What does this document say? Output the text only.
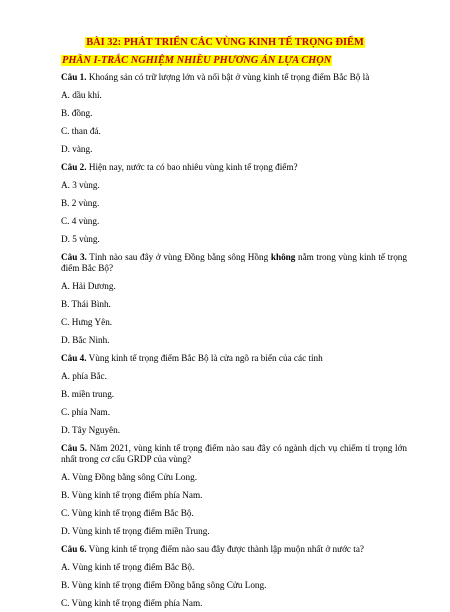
BÀI 32: PHÁT TRIỂN CÁC VÙNG KINH TẾ TRỌNG ĐIỂM
PHẦN I-TRẮC NGHIỆM NHIỀU PHƯƠNG ÁN LỰA CHỌN

Câu 1. Khoáng sản có trữ lượng lớn và nổi bật ở vùng kinh tế trọng điểm Bắc Bộ là

A. dầu khí.

B. đồng.

C. than đá.

D. vàng.

Câu 2. Hiện nay, nước ta có bao nhiêu vùng kinh tế trọng điểm?

A. 3 vùng.

B. 2 vùng.

C. 4 vùng.

D. 5 vùng.

Câu 3. Tỉnh nào sau đây ở vùng Đồng bằng sông Hồng không nằm trong vùng kinh tế trọng điểm Bắc Bộ?

A. Hải Dương.

B. Thái Bình.

C. Hưng Yên.

D. Bắc Ninh.

Câu 4. Vùng kinh tế trọng điểm Bắc Bộ là cửa ngõ ra biển của các tỉnh

A. phía Bắc.

B. miền trung.

C. phía Nam.

D. Tây Nguyên.

Câu 5. Năm 2021, vùng kinh tế trọng điểm nào sau đây có ngành dịch vụ chiếm tỉ trọng lớn nhất trong cơ cấu GRDP của vùng?

A. Vùng Đồng bằng sông Cửu Long.

B. Vùng kinh tế trọng điểm phía Nam.

C. Vùng kinh tế trọng điểm Bắc Bộ.

D. Vùng kinh tế trọng điểm miền Trung.

Câu 6. Vùng kinh tế trọng điểm nào sau đây được thành lập muộn nhất ở nước ta?

A. Vùng kinh tế trọng điểm Bắc Bộ.

B. Vùng kinh tế trọng điểm Đồng bằng sông Cửu Long.

C. Vùng kinh tế trọng điểm phía Nam.
